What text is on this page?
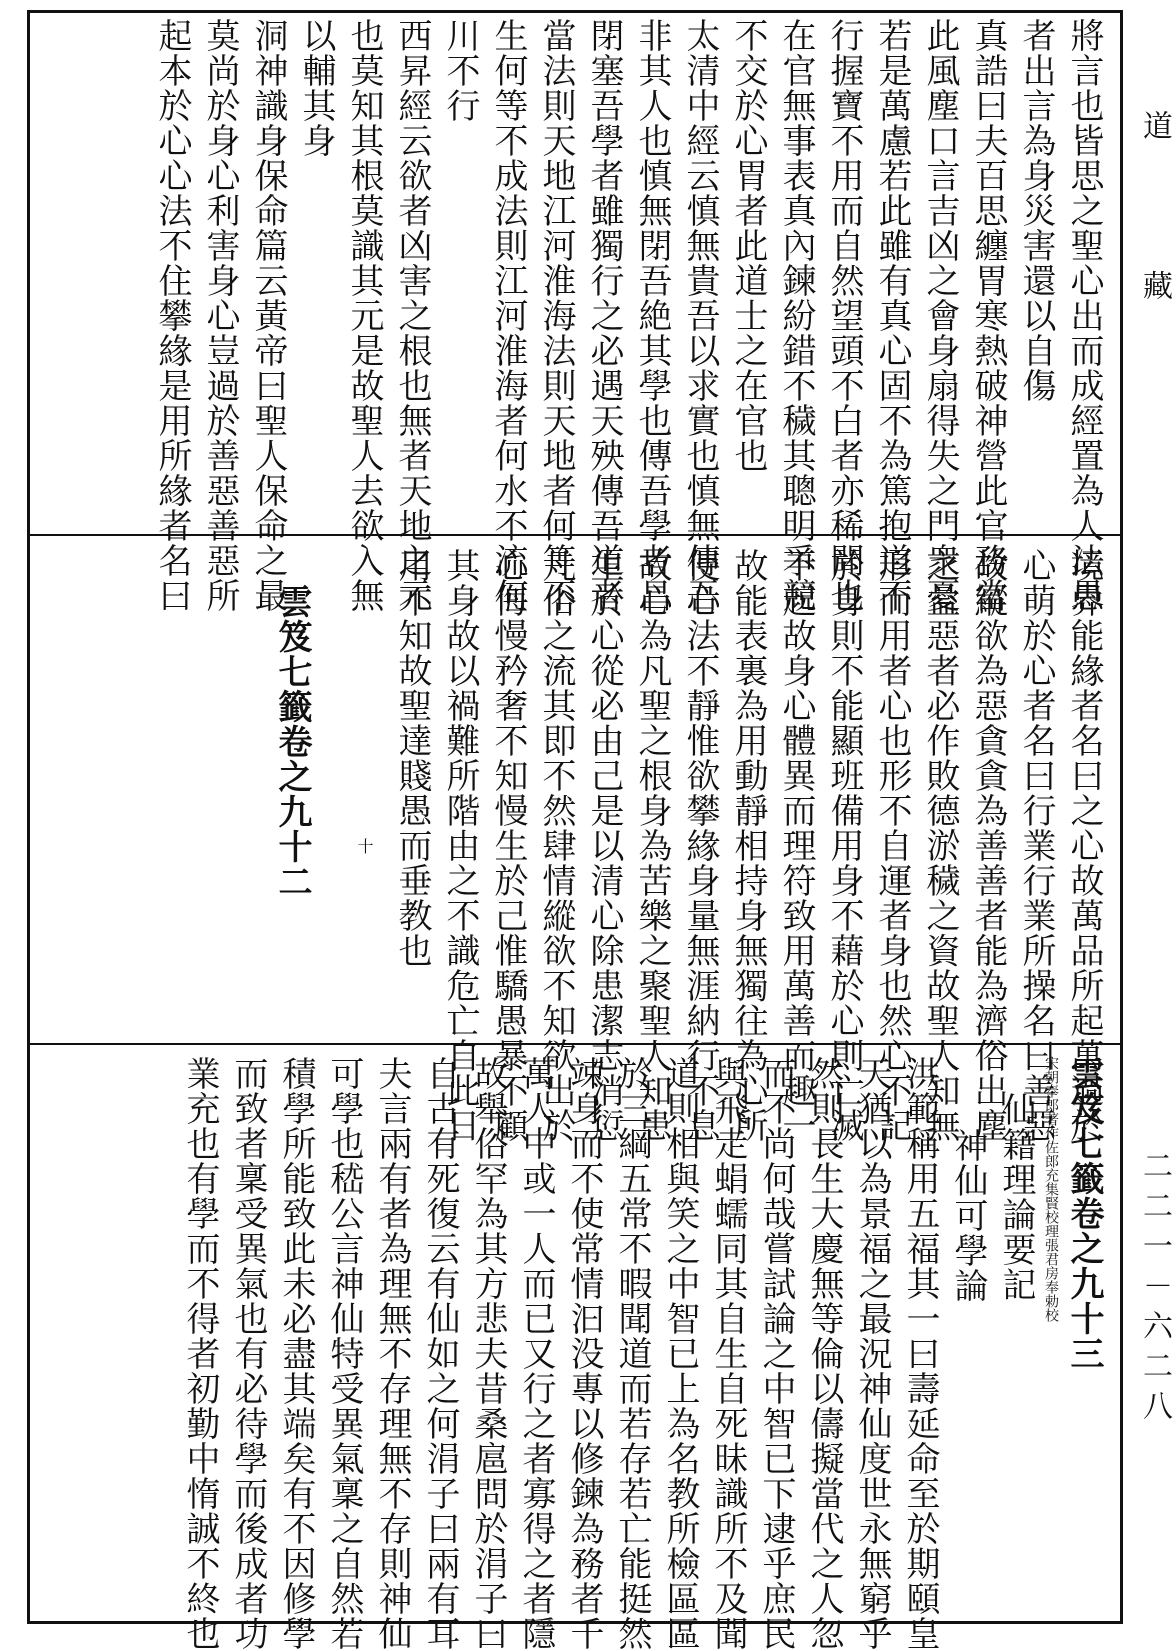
道
藏
二二一－六二八
將言也皆思之聖心出而成經置為人法愚
者出言為身災害還以自傷
真誥曰夫百思纏胃寒熱破神營此官務當
此風塵口言吉凶之會身扇得失之門衆憂
若是萬慮若此雖有真心固不為篤抱道不
行握寶不用而自然望頭不白者亦稀聞也
在官無事表真內鍊紛錯不穢其聰明爭競
不交於心胃者此道士之在官也
太清中經云慎無貴吾以求實也慎無傳吾
非其人也慎無閉吾絶其學也傳吾學者昌
閉塞吾學者雖獨行之必遇天殃傳吾道者
當法則天地江河淮海法則天地者何等不
生何等不成法則江河淮海者何水不流何
川不行
西昇經云欲者凶害之根也無者天地之元
也莫知其根莫識其元是故聖人去欲入無
以輔其身
洞神識身保命篇云黃帝曰聖人保命之最
莫尚於身心利害身心豈過於善惡善惡所
起本於心心法不住攀緣是用所緣者名曰
境界能緣者名曰之心故萬品所起萬過於
心萌於心者名曰行業行業所操名曰善惡
故縱欲為惡貪貪為善善者能為濟俗出塵
之益惡者必作敗德淤穢之資故聖人知無
形而用者心也形不自運者身也然心不記
於身則不能顯班備用身不藉於心則亡滅
不起故身心體異而理符致用萬善而趣一
故能表裏為用動靜相持身無獨往為心所
使心法不靜惟欲攀緣身量無涯納行不息
故心為凡聖之根身為苦樂之聚聖人知患
生於心從必由己是以清心除患潔志消愆
凡俗之流其即不然肆情縱欲不知欲出於
心侮慢矜奢不知慢生於己惟驕愚暴不顧
其身故以禍難所階由之不識危亡自此日
用不知故聖達賤愚而垂教也
十
雲笈七籤卷之九十二
雲笈七籤卷之九十三
宋朝奉郎著作佐郎充集賢校理張君房奉勅校
仙籍理論要記
神仙可學論
洪範稱用五福其一曰壽延命至於期頤皇
天猶以為景福之最況神仙度世永無窮乎
然則長生大慶無等倫以儔擬當代之人忽
而不尚何哉嘗試論之中智已下逮乎庶民
與飛走蜎蠕同其自生自死昧識所不及聞
道則相與笑之中智已上為名教所檢區區
於三綱五常不暇聞道而若存若亡能挺然
竦身而不使常情汩没專以修鍊為務者千
萬人中或一人而已又行之者寡得之者隱
故舉俗罕為其方悲夫昔桑扈問於涓子曰
自古有死復云有仙如之何涓子曰兩有耳
夫言兩有者為理無不存理無不存則神仙
可學也嵇公言神仙特受異氣稟之自然若
積學所能致此未必盡其端矣有不因修學
而致者稟受異氣也有必待學而後成者功
業充也有學而不得者初勤中惰誠不終也
